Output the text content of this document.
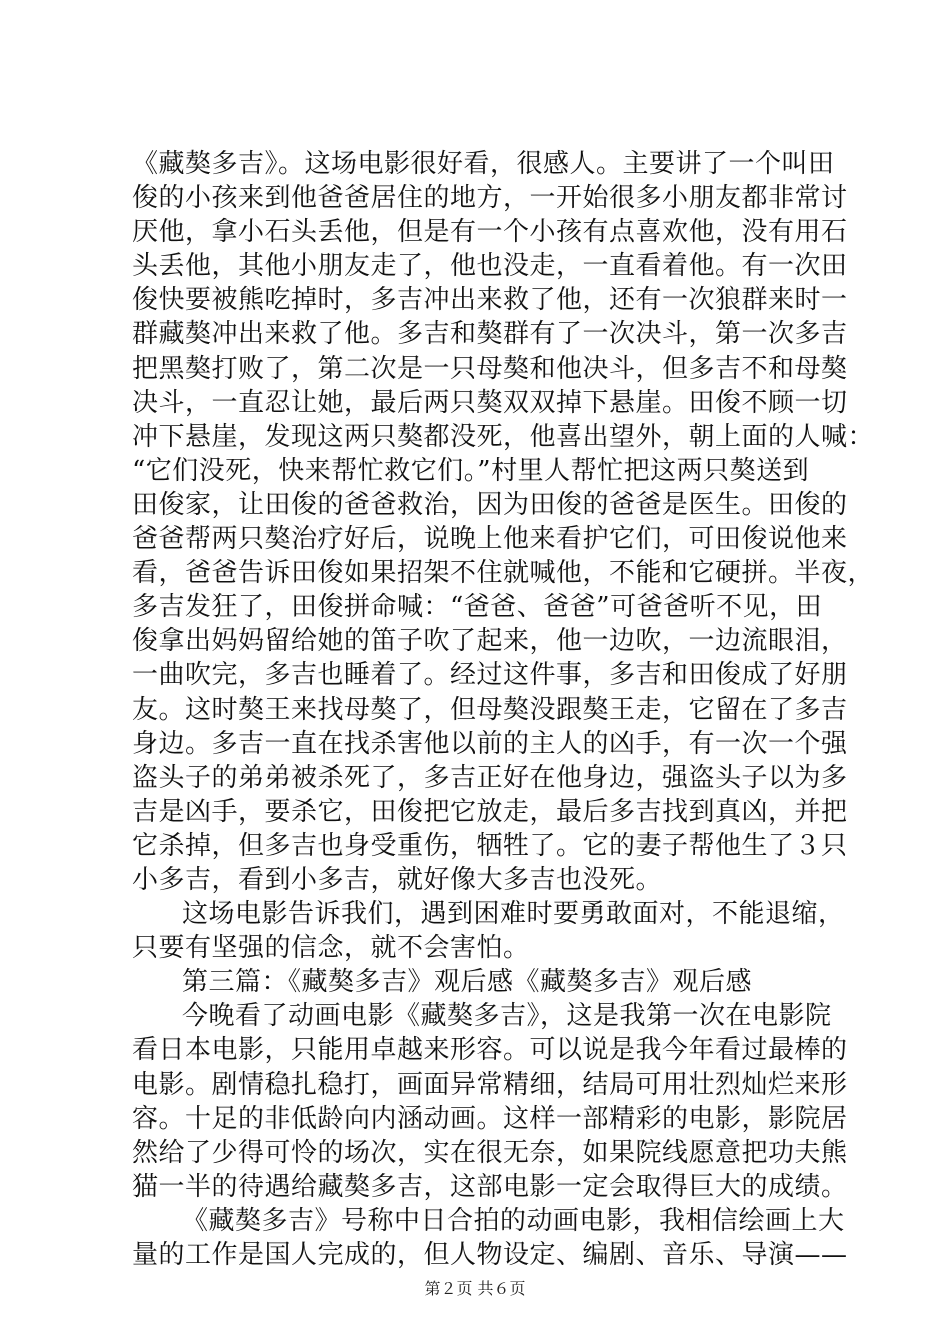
《藏獒多吉》。这场电影很好看，很感人。主要讲了一个叫田
俊的小孩来到他爸爸居住的地方，一开始很多小朋友都非常讨
厌他，拿小石头丢他，但是有一个小孩有点喜欢他，没有用石
头丢他，其他小朋友走了，他也没走，一直看着他。有一次田
俊快要被熊吃掉时，多吉冲出来救了他，还有一次狼群来时一
群藏獒冲出来救了他。多吉和獒群有了一次决斗，第一次多吉
把黑獒打败了，第二次是一只母獒和他决斗，但多吉不和母獒
决斗，一直忍让她，最后两只獒双双掉下悬崖。田俊不顾一切
冲下悬崖，发现这两只獒都没死，他喜出望外，朝上面的人喊：
“它们没死，快来帮忙救它们。”村里人帮忙把这两只獒送到
田俊家，让田俊的爸爸救治，因为田俊的爸爸是医生。田俊的
爸爸帮两只獒治疗好后，说晚上他来看护它们，可田俊说他来
看，爸爸告诉田俊如果招架不住就喊他，不能和它硬拼。半夜，
多吉发狂了，田俊拼命喊：“爸爸、爸爸”可爸爸听不见，田
俊拿出妈妈留给她的笛子吹了起来，他一边吹，一边流眼泪，
一曲吹完，多吉也睡着了。经过这件事，多吉和田俊成了好朋
友。这时獒王来找母獒了，但母獒没跟獒王走，它留在了多吉
身边。多吉一直在找杀害他以前的主人的凶手，有一次一个强
盗头子的弟弟被杀死了，多吉正好在他身边，强盗头子以为多
吉是凶手，要杀它，田俊把它放走，最后多吉找到真凶，并把
它杀掉，但多吉也身受重伤，牺牲了。它的妻子帮他生了３只
小多吉，看到小多吉，就好像大多吉也没死。
这场电影告诉我们，遇到困难时要勇敢面对，不能退缩，
只要有坚强的信念，就不会害怕。
第三篇：《藏獒多吉》观后感《藏獒多吉》观后感
今晚看了动画电影《藏獒多吉》，这是我第一次在电影院
看日本电影，只能用卓越来形容。可以说是我今年看过最棒的
电影。剧情稳扎稳打，画面异常精细，结局可用壮烈灿烂来形
容。十足的非低龄向内涵动画。这样一部精彩的电影，影院居
然给了少得可怜的场次，实在很无奈，如果院线愿意把功夫熊
猫一半的待遇给藏獒多吉，这部电影一定会取得巨大的成绩。
《藏獒多吉》号称中日合拍的动画电影，我相信绘画上大
量的工作是国人完成的，但人物设定、编剧、音乐、导演——
第２页 共６页
